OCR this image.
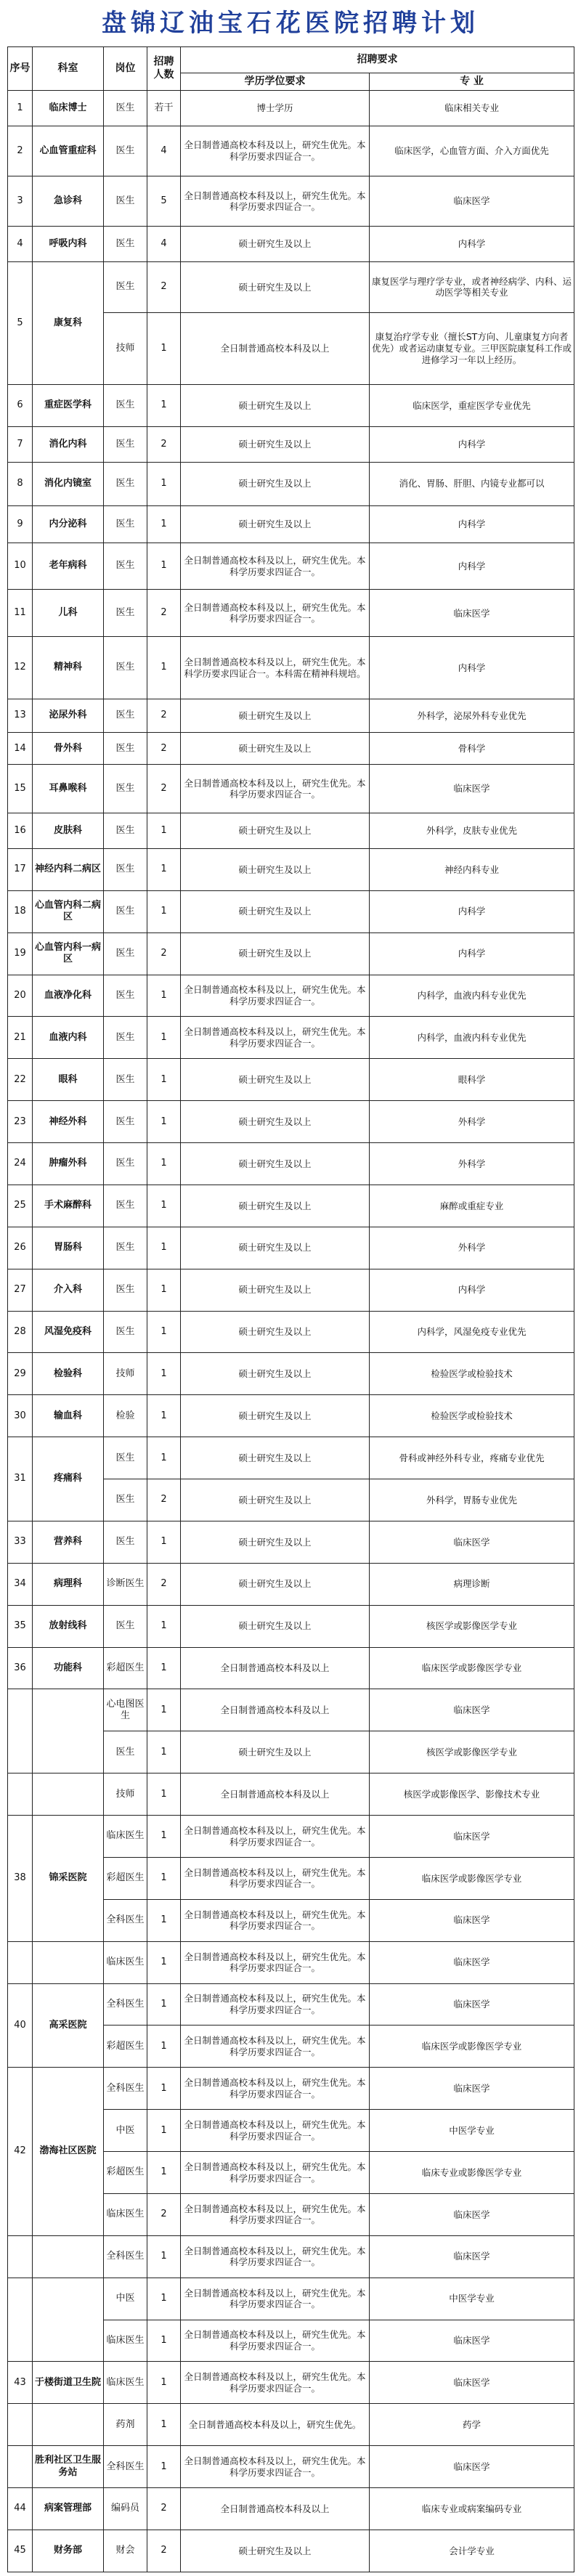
盘锦辽油宝石花医院招聘计划
序号	科室	岗位	招聘人数	招聘要求	
				学历学位要求	专 业
1	临床博士	医生	若干	博士学历	临床相关专业
2	心血管重症科	医生	4	全日制普通高校本科及以上，研究生优先。本科学历要求四证合一。	临床医学，心血管方面、介入方面优先
3	急诊科	医生	5	全日制普通高校本科及以上，研究生优先。本科学历要求四证合一。	临床医学
4	呼吸内科	医生	4	硕士研究生及以上	内科学
5	康复科	医生	2	硕士研究生及以上	康复医学与理疗学专业，或者神经病学、内科、运动医学等相关专业
		技师	1	全日制普通高校本科及以上	康复治疗学专业（擅长ST方向、儿童康复方向者优先）或者运动康复专业。三甲医院康复科工作或进修学习一年以上经历。
6	重症医学科	医生	1	硕士研究生及以上	临床医学，重症医学专业优先
7	消化内科	医生	2	硕士研究生及以上	内科学
8	消化内镜室	医生	1	硕士研究生及以上	消化、胃肠、肝胆、内镜专业都可以
9	内分泌科	医生	1	硕士研究生及以上	内科学
10	老年病科	医生	1	全日制普通高校本科及以上，研究生优先。本科学历要求四证合一。	内科学
11	儿科	医生	2	全日制普通高校本科及以上，研究生优先。本科学历要求四证合一。	临床医学
12	精神科	医生	1	全日制普通高校本科及以上，研究生优先。本科学历要求四证合一。本科需在精神科规培。	内科学
13	泌尿外科	医生	2	硕士研究生及以上	外科学，泌尿外科专业优先
14	骨外科	医生	2	硕士研究生及以上	骨科学
15	耳鼻喉科	医生	2	全日制普通高校本科及以上，研究生优先。本科学历要求四证合一。	临床医学
16	皮肤科	医生	1	硕士研究生及以上	外科学，皮肤专业优先
17	神经内科二病区	医生	1	硕士研究生及以上	神经内科专业
18	心血管内科二病区	医生	1	硕士研究生及以上	内科学
19	心血管内科一病区	医生	2	硕士研究生及以上	内科学
20	血液净化科	医生	1	全日制普通高校本科及以上，研究生优先。本科学历要求四证合一。	内科学，血液内科专业优先
21	血液内科	医生	1	全日制普通高校本科及以上，研究生优先。本科学历要求四证合一。	内科学，血液内科专业优先
22	眼科	医生	1	硕士研究生及以上	眼科学
23	神经外科	医生	1	硕士研究生及以上	外科学
24	肿瘤外科	医生	1	硕士研究生及以上	外科学
25	手术麻醉科	医生	1	硕士研究生及以上	麻醉或重症专业
26	胃肠科	医生	1	硕士研究生及以上	外科学
27	介入科	医生	1	硕士研究生及以上	内科学
28	风湿免疫科	医生	1	硕士研究生及以上	内科学，风湿免疫专业优先
29	检验科	技师	1	硕士研究生及以上	检验医学或检验技术
30	输血科	检验	1	硕士研究生及以上	检验医学或检验技术
31	疼痛科	医生	1	硕士研究生及以上	骨科或神经外科专业，疼痛专业优先
		医生	2	硕士研究生及以上	外科学，胃肠专业优先
33	营养科	医生	1	硕士研究生及以上	临床医学
34	病理科	诊断医生	2	硕士研究生及以上	病理诊断
35	放射线科	医生	1	硕士研究生及以上	核医学或影像医学专业
36	功能科	彩超医生	1	全日制普通高校本科及以上	临床医学或影像医学专业
		心电图医生	1	全日制普通高校本科及以上	临床医学
		医生	1	硕士研究生及以上	核医学或影像医学专业
		技师	1	全日制普通高校本科及以上	核医学或影像医学、影像技术专业
38	锦采医院	临床医生	1	全日制普通高校本科及以上，研究生优先。本科学历要求四证合一。	临床医学
		彩超医生	1	全日制普通高校本科及以上，研究生优先。本科学历要求四证合一。	临床医学或影像医学专业
		全科医生	1	全日制普通高校本科及以上，研究生优先。本科学历要求四证合一。	临床医学
		临床医生	1	全日制普通高校本科及以上，研究生优先。本科学历要求四证合一。	临床医学
40	高采医院	全科医生	1	全日制普通高校本科及以上，研究生优先。本科学历要求四证合一。	临床医学
		彩超医生	1	全日制普通高校本科及以上，研究生优先。本科学历要求四证合一。	临床医学或影像医学专业
42	渤海社区医院	全科医生	1	全日制普通高校本科及以上，研究生优先。本科学历要求四证合一。	临床医学
		中医	1	全日制普通高校本科及以上，研究生优先。本科学历要求四证合一。	中医学专业
		彩超医生	1	全日制普通高校本科及以上，研究生优先。本科学历要求四证合一。	临床专业或影像医学专业
		临床医生	2	全日制普通高校本科及以上，研究生优先。本科学历要求四证合一。	临床医学
		全科医生	1	全日制普通高校本科及以上，研究生优先。本科学历要求四证合一。	临床医学
		中医	1	全日制普通高校本科及以上，研究生优先。本科学历要求四证合一。	中医学专业
		临床医生	1	全日制普通高校本科及以上，研究生优先。本科学历要求四证合一。	临床医学
43	于楼街道卫生院	临床医生	1	全日制普通高校本科及以上，研究生优先。本科学历要求四证合一。	临床医学
		药剂	1	全日制普通高校本科及以上，研究生优先。	药学
	胜利社区卫生服务站	全科医生	1	全日制普通高校本科及以上，研究生优先。本科学历要求四证合一。	临床医学
44	病案管理部	编码员	2	全日制普通高校本科及以上	临床专业或病案编码专业
45	财务部	财会	2	硕士研究生及以上	会计学专业
